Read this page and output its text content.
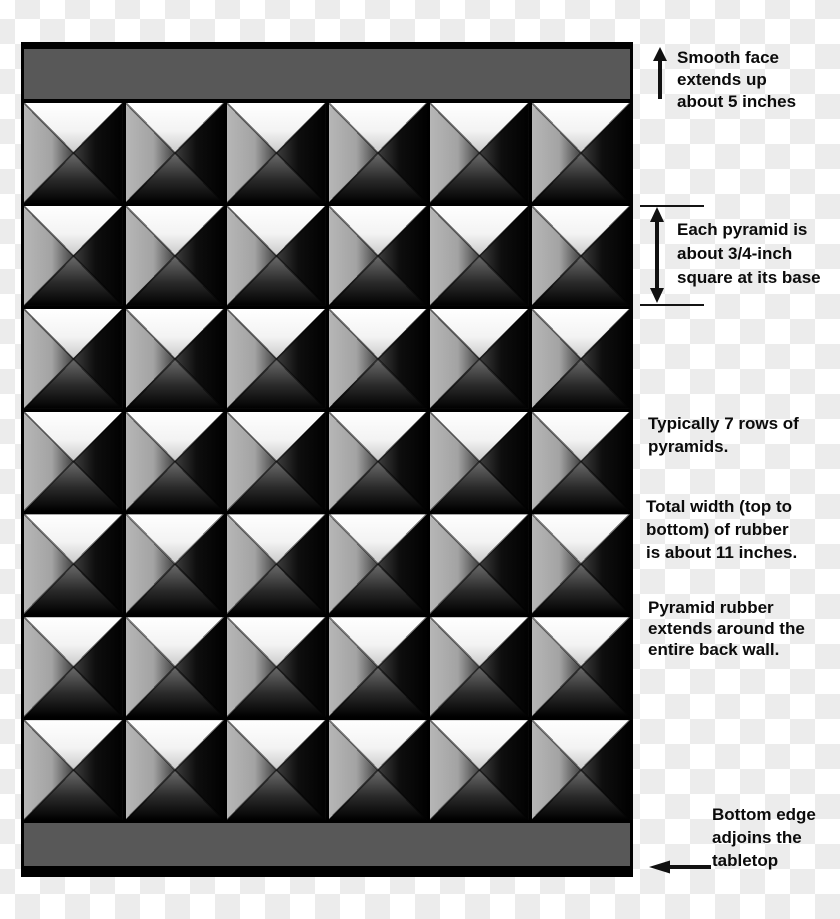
Smooth face
extends up
about 5 inches
Each pyramid is
about 3/4-inch
square at its base
Typically 7 rows of
pyramids.
Total width (top to
bottom) of rubber
is about 11 inches.
Pyramid rubber
extends around the
entire back wall.
Bottom edge
adjoins the
tabletop
